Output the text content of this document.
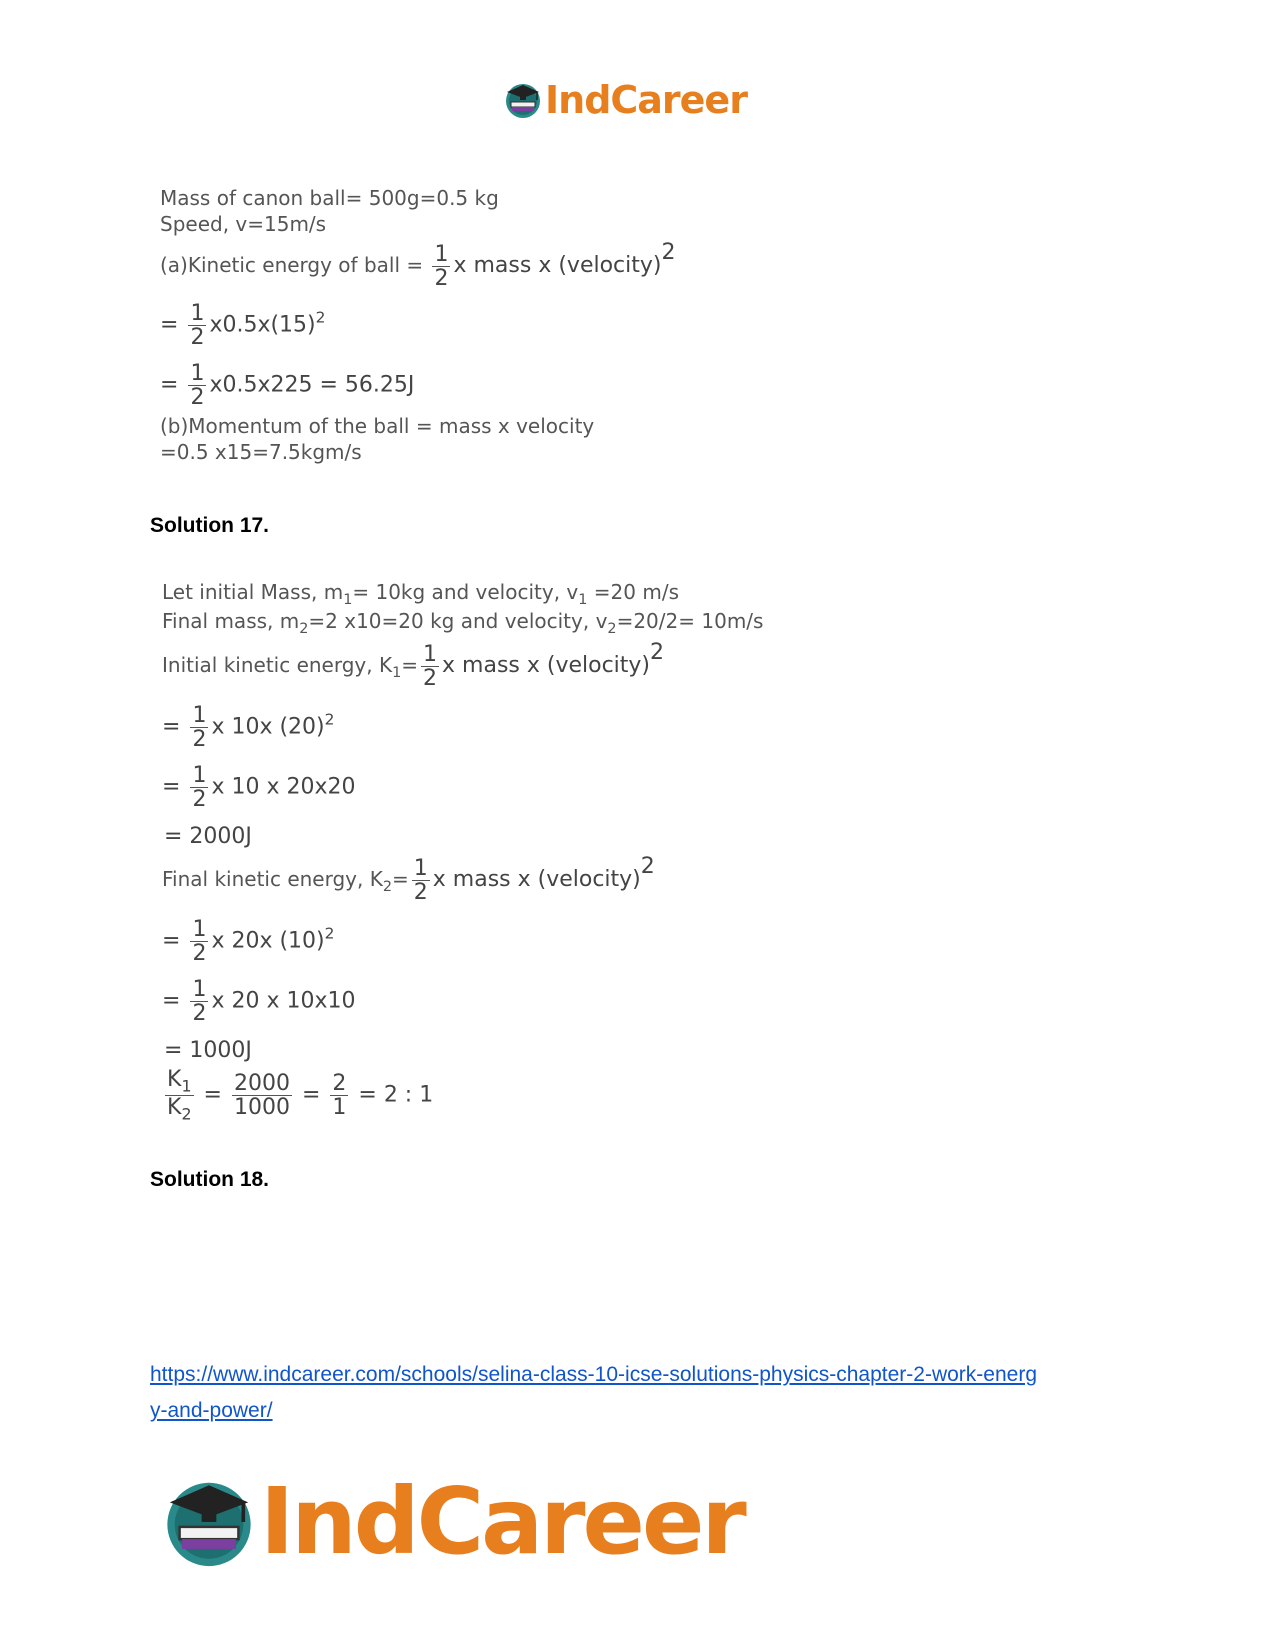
IndCareer
Mass of canon ball= 500g=0.5 kg
Speed, v=15m/s
(a)Kinetic energy of ball = $\frac{1}{2}$ x mass x (velocity)$^2$
= $\frac{1}{2} x0.5x(15)^2$
= $\frac{1}{2} x0.5x225 = 56.25J$
(b)Momentum of the ball = mass x velocity
=0.5 x15=7.5kgm/s
Solution 17.
Let initial Mass, $m_1= 10kg$ and velocity, $v_1 =20$ m/s
Final mass, $m_2=2$ x10=20 kg and velocity, $v_2=20/2= 10m/s$
Initial kinetic energy, $K_1= \frac{1}{2}$ x mass x (velocity)$^2$
= $\frac{1}{2}$ x 10x $(20)^2$
= $\frac{1}{2}$ x 10 x 20x20
= 2000J
Final kinetic energy, $K_2= \frac{1}{2}$ x mass x (velocity)$^2$
= $\frac{1}{2}$ x 20x $(10)^2$
= $\frac{1}{2}$ x 20 x 10x10
= 1000J
$\frac{K_1}{K_2} = \frac{2000}{1000} = \frac{2}{1} = 2$ : 1
Solution 18.
https://www.indcareer.com/schools/selina-class-10-icse-solutions-physics-chapter-2-work-energ
y-and-power/
IndCareer
